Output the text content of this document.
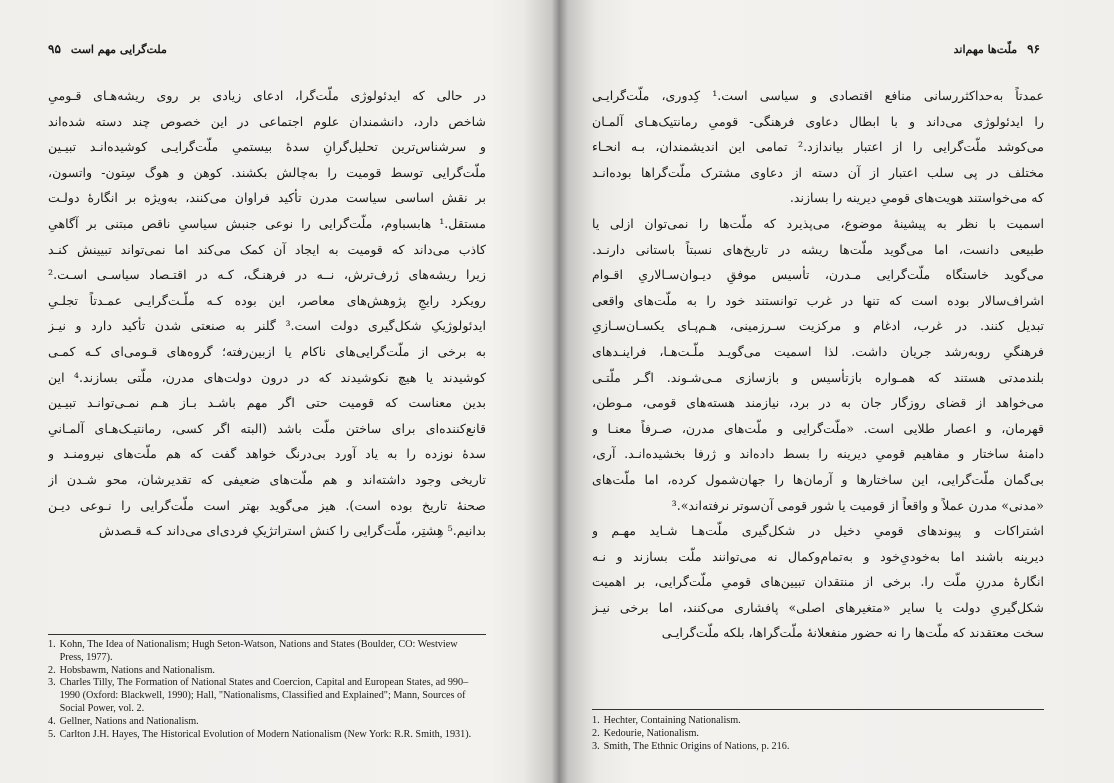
ملت‌گرایی مهم است
۹۵
در حالی که ایدئولوژی ملّت‌گرا، ادعای زیادی بر روی ریشه‌هـای قـومیِ
شاخص دارد، دانشمندان علوم اجتماعی در این خصوص چند دسته شده‌اند
و سرشناس‌ترین تحلیل‌گرانِ سدۀ بیستمیِ ملّت‌گرایـی کوشیده‌انـد تبیـین
ملّت‌گرایی توسط قومیت را به‌چالش بکشند. کوهن و هوگ سِتون- واتسون،
بر نقش اساسی سیاست مدرن تأکید فراوان می‌کنند، به‌ویژه بر انگارۀ دولـت
مستقل.¹ هابسباوم، ملّت‌گرایی را نوعی جنبش سیاسیِ ناقص مبتنی بر آگاهیِ
کاذب می‌داند که قومیت به ایجاد آن کمک می‌کند اما نمی‌تواند تبیینش کنـد
زیرا ریشه‌های ژرف‌ترش، نــه در فرهنـگ، کـه در اقتـصاد سیاسـی اسـت.²
رویکرد رایجِ پژوهش‌های معاصر، این بوده کـه ملّـت‌گرایـی عمـدتاً تجلـیِ
ایدئولوژیکِ شکل‌گیری دولت است.³ گلنر به صنعتی شدن تأکید دارد و نیـز
به برخی از ملّت‌گرایی‌های ناکام یا ازبین‌رفته؛ گروه‌های قـومی‌ای کـه کمـی
کوشیدند یا هیچ نکوشیدند که در درون دولت‌های مدرن، ملّتی بسازند.⁴ این
بدین معناست که قومیت حتی اگر مهم باشـد بـاز هـم نمـی‌توانـد تبیـین
قانع‌کننده‌ای برای ساختن ملّت باشد (البته اگر کسی، رمانتیـک‌هـای آلمـانیِ
سدۀ نوزده را به یاد آورد بی‌درنگ خواهد گفت که هم ملّت‌های نیرومنـد و
تاریخی وجود داشته‌اند و هم ملّت‌های ضعیفی که تقدیرشان، محو شـدن از
صحنۀ تاریخ بوده است). هیز می‌گوید بهتر است ملّت‌گرایی را نـوعی دیـن
بدانیم.⁵ هِشتِر، ملّت‌گرایی را کنش استراتژیکِ فردی‌ای می‌داند کـه قـصدش
1. Kohn, The Idea of Nationalism; Hugh Seton-Watson, Nations and States (Boulder, CO: Westview Press, 1977).
2. Hobsbawm, Nations and Nationalism.
3. Charles Tilly, The Formation of National States and Coercion, Capital and European States, ad 990–1990 (Oxford: Blackwell, 1990); Hall, "Nationalisms, Classified and Explained"; Mann, Sources of Social Power, vol. 2.
4. Gellner, Nations and Nationalism.
5. Carlton J.H. Hayes, The Historical Evolution of Modern Nationalism (New York: R.R. Smith, 1931).
۹۶
ملّت‌ها مهم‌اند
عمدتاً به‌حداکثررسانی منافع اقتصادی و سیاسی است.¹ کِدوری، ملّت‌گرایـی
را ایدئولوژی می‌داند و با ابطال دعاوی فرهنگی- قومیِ رمانتیک‌هـای آلمـان
می‌کوشد ملّت‌گرایی را از اعتبار بیاندازد.² تمامی این اندیشمندان، بـه انحـاء
مختلف در پی سلب اعتبار از آن دسته از دعاوی مشترک ملّت‌گراها بوده‌انـد
که می‌خواستند هویت‌های قومیِ دیرینه را بسازند.
اسمیت با نظر به پیشینۀ موضوع، می‌پذیرد که ملّت‌ها را نمی‌توان ازلی یا
طبیعی دانست، اما می‌گوید ملّت‌ها ریشه در تاریخ‌های نسبتاً باستانی دارنـد.
می‌گوید خاستگاه ملّت‌گرایی مـدرن، تأسیس موفقِ دیـوان‌سـالاریِ اقـوام
اشراف‌سالار بوده است که تنها در غرب توانستند خود را به ملّت‌های واقعی
تبدیل کنند. در غرب، ادغام و مرکزیت سـرزمینی، هـم‌پـای یکسـان‌سـازیِ
فرهنگیِ روبه‌رشد جریان داشت. لذا اسمیت می‌گویـد ملّـت‌هـا، فراینـدهای
بلندمدتی هستند که همـواره بازتأسیس و بازسازی مـی‌شـوند. اگـر ملّتـی
می‌خواهد از قضای روزگار جان به در برد، نیازمند هسته‌های قومی، مـوطن،
قهرمان، و اعصار طلایی است. «ملّت‌گرایی و ملّت‌های مدرن، صـرفاً معنـا و
دامنۀ ساختار و مفاهیم قومیِ دیرینه را بسط داده‌اند و ژرفا بخشیده‌انـد. آری،
بی‌گمان ملّت‌گرایی، این ساختارها و آرمان‌ها را جهان‌شمول کرده، اما ملّت‌های
«مدنی» مدرن عملاً و واقعاً از قومیت یا شور قومی آن‌سوتر نرفته‌اند».³
اشتراکات و پیوندهای قومیِ دخیل در شکل‌گیری ملّت‌هـا شـاید مهـم و
دیرینه باشند اما به‌خودیِ‌خود و به‌تمام‌وکمال نه می‌توانند ملّت بسازند و نـه
انگارۀ مدرنِ ملّت را. برخی از منتقدان تبیین‌های قومیِ ملّت‌گرایی، بر اهمیت
شکل‌گیریِ دولت یا سایر «متغیرهای اصلی» پافشاری می‌کنند، اما برخی نیـز
سخت معتقدند که ملّت‌ها را نه حضور منفعلانۀ ملّت‌گراها، بلکه ملّت‌گرایـی
1. Hechter, Containing Nationalism.
2. Kedourie, Nationalism.
3. Smith, The Ethnic Origins of Nations, p. 216.
